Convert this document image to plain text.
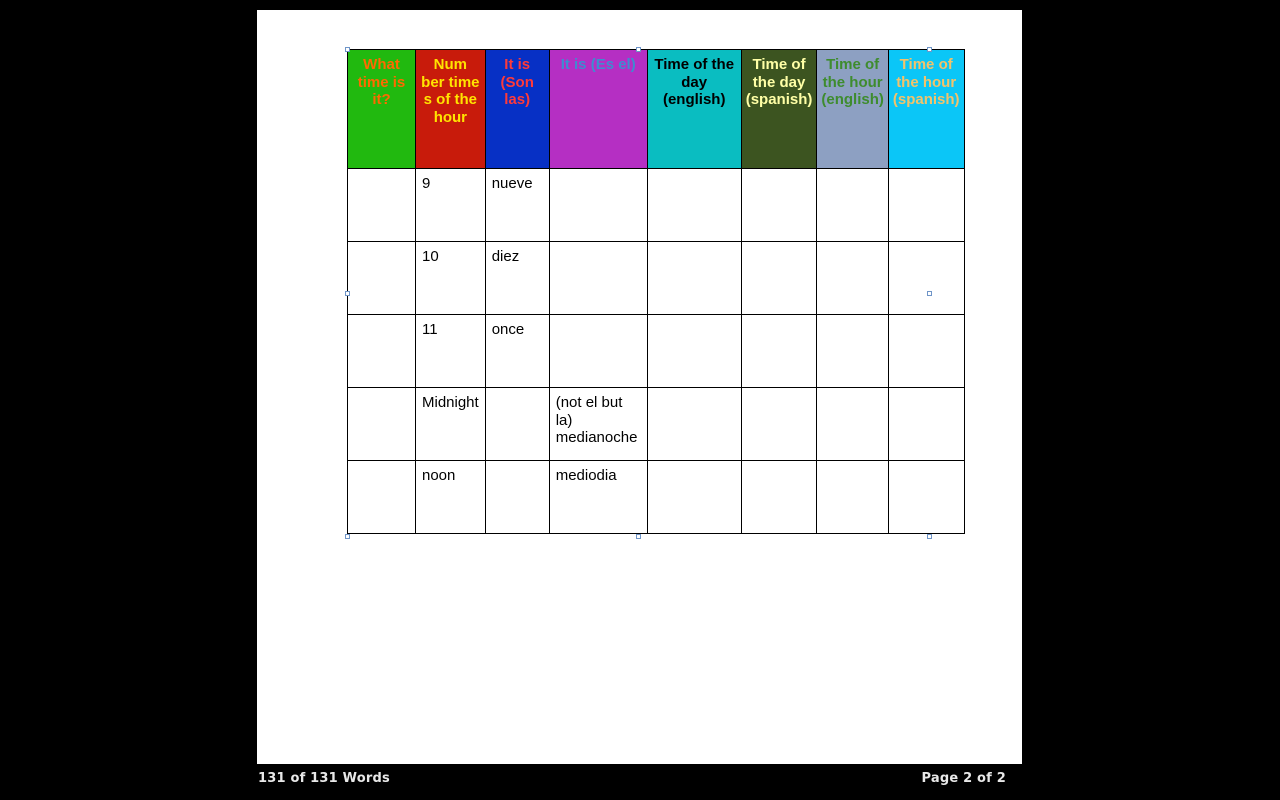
What time is it?	Num ber time s of the hour	It is (Son las)	It is (Es el)	Time of the day (english)	Time of the day (spanish)	Time of the hour (english)	Time of the hour (spanish)
	9	nueve					
	10	diez					
	11	once					
	Midnight		(not el but la) medianoche				
	noon		mediodia				
131 of 131 Words	Page 2 of 2
